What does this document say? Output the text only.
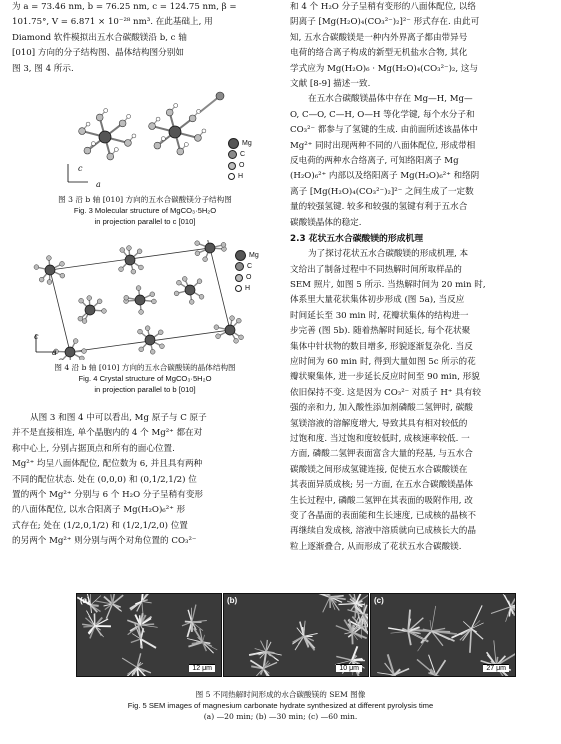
为 a = 73.46 nm, b = 76.25 nm, c = 124.75 nm, β =
101.75°, V = 6.871 × 10⁻²⁸ nm³. 在此基础上, 用
Diamond 软件模拟出五水合碳酸镁沿 b, c 轴
[010] 方向的分子结构图、晶体结构图分别如
图 3, 图 4 所示.
Mg
C
O
H
c
a
图 3 沿 b 轴 [010] 方向的五水合碳酸镁分子结构图
Fig. 3 Molecular structure of MgCO₃·5H₂O
in projection parallel to c [010]
Mg
C
O
H
c
a
图 4 沿 b 轴 [010] 方向的五水合碳酸镁的晶体结构图
Fig. 4 Crystal structure of MgCO₃·5H₂O
in projection parallel to b [010]
从图 3 和图 4 中可以看出, Mg 原子与 C 原子
并不是直接相连, 单个晶胞内的 4 个 Mg²⁺ 都在对
称中心上, 分别占据顶点和所有的面心位置.
Mg²⁺ 均呈八面体配位, 配位数为 6, 并且具有两种
不同的配位状态. 处在 (0,0,0) 和 (0,1/2,1/2) 位
置的两个 Mg²⁺ 分别与 6 个 H₂O 分子呈稍有变形
的八面体配位, 以水合阳离子 Mg(H₂O)₆²⁺ 形
式存在; 处在 (1/2,0,1/2) 和 (1/2,1/2,0) 位置
的另两个 Mg²⁺ 则分别与两个对角位置的 CO₃²⁻
和 4 个 H₂O 分子呈稍有变形的八面体配位, 以络
阴离子 [Mg(H₂O)₄(CO₃²⁻)₂]²⁻ 形式存在. 由此可
知, 五水合碳酸镁是一种内外界离子都由带异号
电荷的络合离子构成的新型无机盐水合物, 其化
学式应为 Mg(H₂O)₆ · Mg(H₂O)₄(CO₃²⁻)₂, 这与
文献 [8-9] 描述一致.
在五水合碳酸镁晶体中存在 Mg—H, Mg—
O, C—O, C—H, O—H 等化学键, 每个水分子和
CO₃²⁻ 都参与了氢键的生成. 由前面所述该晶体中
Mg²⁺ 同时出现两种不同的八面体配位, 形成带相
反电荷的两种水合络离子, 可知络阳离子 Mg
(H₂O)₆²⁺ 内部以及络阳离子 Mg(H₂O)₆²⁺ 和络阴
离子 [Mg(H₂O)₄(CO₃²⁻)₂]²⁻ 之间生成了一定数
量的较强氢键. 较多和较强的氢键有利于五水合
碳酸镁晶体的稳定.
2.3 花状五水合碳酸镁的形成机理
为了探讨花状五水合碳酸镁的形成机理, 本
文给出了制备过程中不同热解时间所取样品的
SEM 照片, 如图 5 所示. 当热解时间为 20 min 时,
体系里大量花状集体初步形成 (图 5a), 当反应
时间延长至 30 min 时, 花瓣状集体的结构进一
步完善 (图 5b). 随着热解时间延长, 每个花状聚
集体中针状物的数目增多, 形貌逐渐复杂化. 当反
应时间为 60 min 时, 得到大量如图 5c 所示的花
瓣状聚集体, 进一步延长反应时间至 90 min, 形貌
依旧保持不变. 这是因为 CO₃²⁻ 对质子 H⁺ 具有较
强的亲和力, 加入酸性添加剂磷酸二氢钾时, 碳酸
氢镁溶液的溶解度增大, 导致其具有相对较低的
过饱和度. 当过饱和度较低时, 成核速率较低. 一
方面, 磷酸二氢钾表面富含大量的羟基, 与五水合
碳酸镁之间形成氢键连接, 促使五水合碳酸镁在
其表面异质成核; 另一方面, 在五水合碳酸镁晶体
生长过程中, 磷酸二氢钾在其表面的吸附作用, 改
变了各晶面的表面能和生长速度, 已成核的晶核不
再继续自发成核, 溶液中溶质就向已成核长大的晶
粒上逐渐叠合, 从而形成了花状五水合碳酸镁.
(a)
12 μm
(b)
10 μm
(c)
27 μm
图 5 不同热解时间形成的水合碳酸镁的 SEM 图像
Fig. 5 SEM images of magnesium carbonate hydrate synthesized at different pyrolysis time
(a) —20 min; (b) —30 min; (c) —60 min.
